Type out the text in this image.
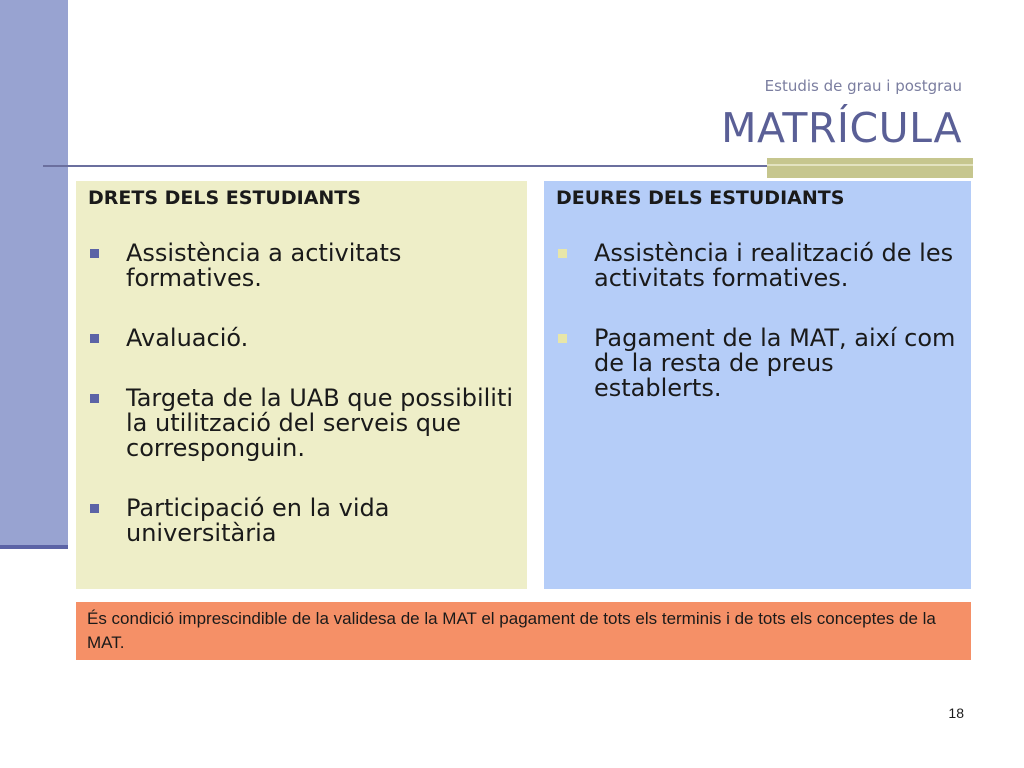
Estudis de grau i postgrau
MATRÍCULA
DRETS DELS ESTUDIANTS
Assistència a activitats formatives.
Avaluació.
Targeta de la UAB que possibiliti la utilització del serveis que corresponguin.
Participació en la vida universitària
DEURES DELS ESTUDIANTS
Assistència i realització de les activitats formatives.
Pagament de la MAT, així com de la resta de preus establerts.
És condició imprescindible de la validesa de la MAT el pagament de tots els terminis i de tots els conceptes de la MAT.
18
